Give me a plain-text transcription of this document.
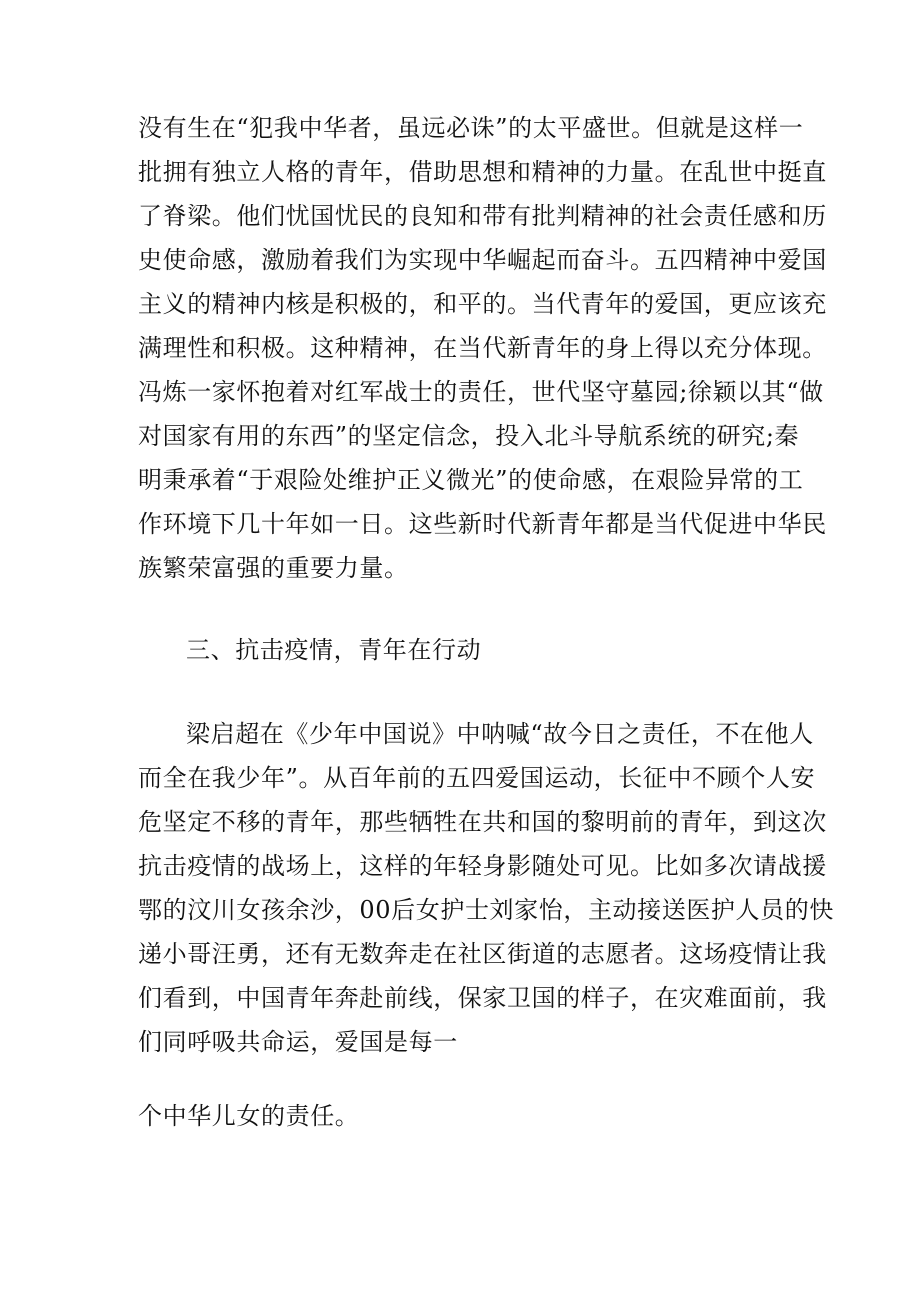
没有生在“犯我中华者，虽远必诛”的太平盛世。但就是这样一
批拥有独立人格的青年，借助思想和精神的力量。在乱世中挺直
了脊梁。他们忧国忧民的良知和带有批判精神的社会责任感和历
史使命感，激励着我们为实现中华崛起而奋斗。五四精神中爱国
主义的精神内核是积极的，和平的。当代青年的爱国，更应该充
满理性和积极。这种精神，在当代新青年的身上得以充分体现。
冯炼一家怀抱着对红军战士的责任，世代坚守墓园;徐颖以其“做
对国家有用的东西”的坚定信念，投入北斗导航系统的研究;秦
明秉承着“于艰险处维护正义微光”的使命感，在艰险异常的工
作环境下几十年如一日。这些新时代新青年都是当代促进中华民
族繁荣富强的重要力量。
三、抗击疫情，青年在行动
梁启超在《少年中国说》中呐喊“故今日之责任，不在他人
而全在我少年”。从百年前的五四爱国运动，长征中不顾个人安
危坚定不移的青年，那些牺牲在共和国的黎明前的青年，到这次
抗击疫情的战场上，这样的年轻身影随处可见。比如多次请战援
鄂的汶川女孩余沙，00后女护士刘家怡，主动接送医护人员的快
递小哥汪勇，还有无数奔走在社区街道的志愿者。这场疫情让我
们看到，中国青年奔赴前线，保家卫国的样子，在灾难面前，我
们同呼吸共命运，爱国是每一
个中华儿女的责任。
